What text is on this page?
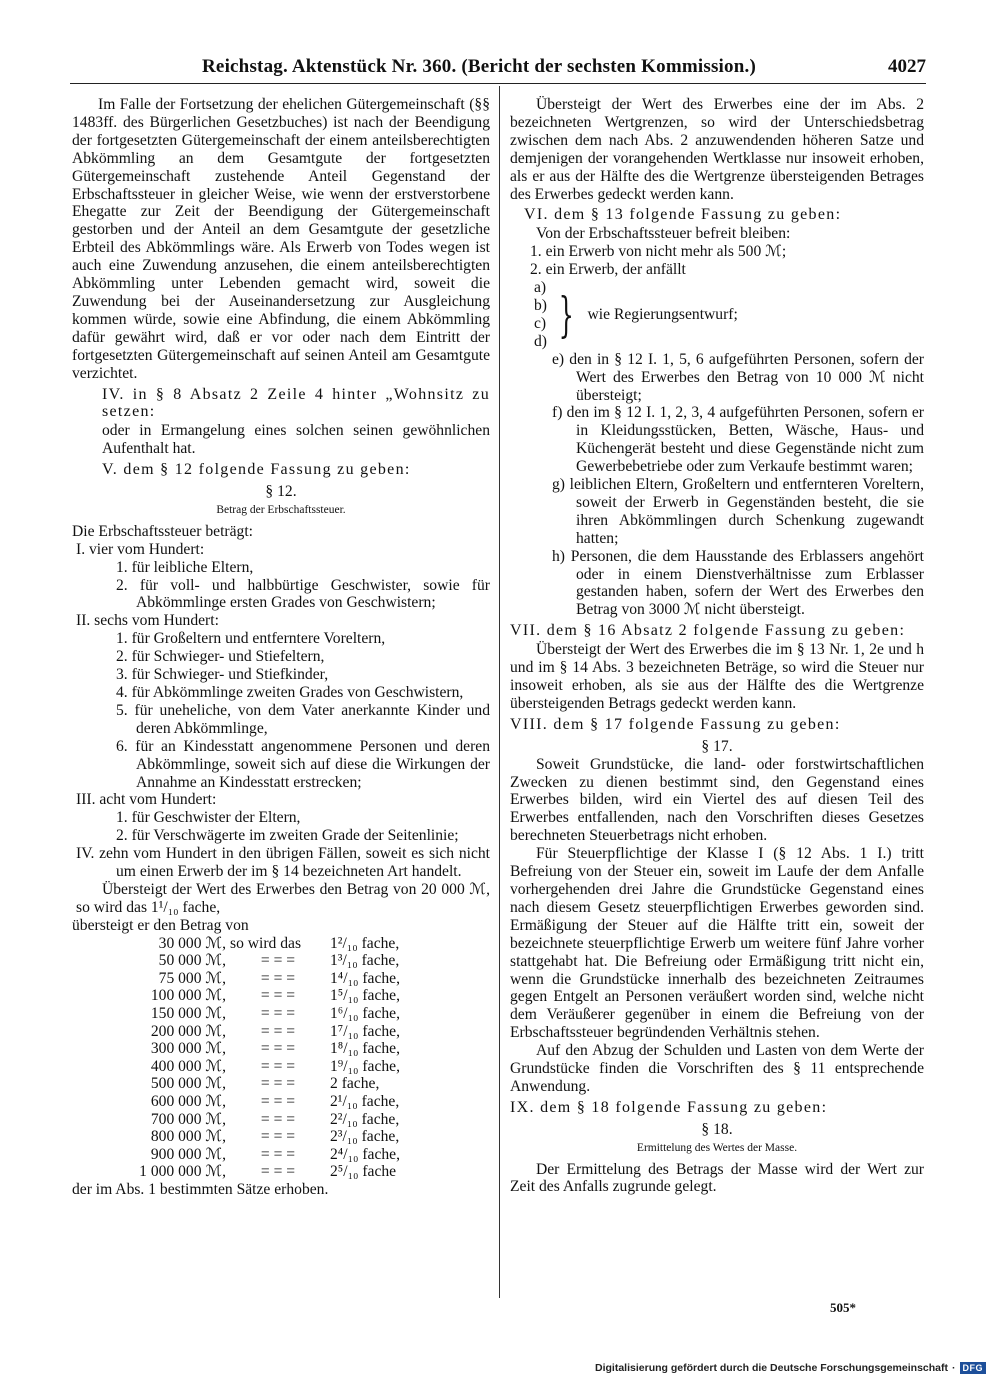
Reichstag. Aktenstück Nr. 360. (Bericht der sechsten Kommission.)	4027

Im Falle der Fortsetzung der ehelichen Gütergemeinschaft (§§ 1483ff. des Bürgerlichen Gesetzbuches) ist nach der Beendigung der fortgesetzten Gütergemeinschaft der einem anteilsberechtigten Abkömmling an dem Gesamtgute der fortgesetzten Gütergemeinschaft zustehende Anteil Gegenstand der Erbschaftssteuer in gleicher Weise, wie wenn der erstverstorbene Ehegatte zur Zeit der Beendigung der Gütergemeinschaft gestorben und der Anteil an dem Gesamtgute der gesetzliche Erbteil des Abkömmlings wäre. Als Erwerb von Todes wegen ist auch eine Zuwendung anzusehen, die einem anteilsberechtigten Abkömmling unter Lebenden gemacht wird, soweit die Zuwendung bei der Auseinandersetzung zur Ausgleichung kommen würde, sowie eine Abfindung, die einem Abkömmling dafür gewährt wird, daß er vor oder nach dem Eintritt der fortgesetzten Gütergemeinschaft auf seinen Anteil am Gesamtgute verzichtet.

IV. in § 8 Absatz 2 Zeile 4 hinter „Wohnsitz zu setzen:

oder in Ermangelung eines solchen seinen gewöhnlichen Aufenthalt hat.

V. dem § 12 folgende Fassung zu geben:

§ 12.

Betrag der Erbschaftssteuer.

Die Erbschaftssteuer beträgt:

I. vier vom Hundert:

1. für leibliche Eltern,

2. für voll- und halbbürtige Geschwister, sowie für Abkömmlinge ersten Grades von Geschwistern;

II. sechs vom Hundert:

1. für Großeltern und entferntere Voreltern,

2. für Schwieger- und Stiefeltern,

3. für Schwieger- und Stiefkinder,

4. für Abkömmlinge zweiten Grades von Geschwistern,

5. für uneheliche, von dem Vater anerkannte Kinder und deren Abkömmlinge,

6. für an Kindesstatt angenommene Personen und deren Abkömmlinge, soweit sich auf diese die Wirkungen der Annahme an Kindesstatt erstrecken;

III. acht vom Hundert:

1. für Geschwister der Eltern,

2. für Verschwägerte im zweiten Grade der Seitenlinie;

IV. zehn vom Hundert in den übrigen Fällen, soweit es sich nicht um einen Erwerb der im § 14 bezeichneten Art handelt.

Übersteigt der Wert des Erwerbes den Betrag von 20 000 ℳ, so wird das 1¹/₁₀ fache,

übersteigt er den Betrag von

30 000 ℳ,	so wird das	1²/₁₀ fache,
50 000 ℳ,	= = =	1³/₁₀ fache,
75 000 ℳ,	= = =	1⁴/₁₀ fache,
100 000 ℳ,	= = =	1⁵/₁₀ fache,
150 000 ℳ,	= = =	1⁶/₁₀ fache,
200 000 ℳ,	= = =	1⁷/₁₀ fache,
300 000 ℳ,	= = =	1⁸/₁₀ fache,
400 000 ℳ,	= = =	1⁹/₁₀ fache,
500 000 ℳ,	= = =	2 fache,
600 000 ℳ,	= = =	2¹/₁₀ fache,
700 000 ℳ,	= = =	2²/₁₀ fache,
800 000 ℳ,	= = =	2³/₁₀ fache,
900 000 ℳ,	= = =	2⁴/₁₀ fache,
1 000 000 ℳ,	= = =	2⁵/₁₀ fache

der im Abs. 1 bestimmten Sätze erhoben.

Übersteigt der Wert des Erwerbes eine der im Abs. 2 bezeichneten Wertgrenzen, so wird der Unterschiedsbetrag zwischen dem nach Abs. 2 anzuwendenden höheren Satze und demjenigen der vorangehenden Wertklasse nur insoweit erhoben, als er aus der Hälfte des die Wertgrenze übersteigenden Betrages des Erwerbes gedeckt werden kann.

VI. dem § 13 folgende Fassung zu geben:

Von der Erbschaftssteuer befreit bleiben:

1. ein Erwerb von nicht mehr als 500 ℳ;

2. ein Erwerb, der anfällt

a)
b)
c)
d) } wie Regierungsentwurf;

e) den in § 12 I. 1, 5, 6 aufgeführten Personen, sofern der Wert des Erwerbes den Betrag von 10 000 ℳ nicht übersteigt;

f) den im § 12 I. 1, 2, 3, 4 aufgeführten Personen, sofern er in Kleidungsstücken, Betten, Wäsche, Haus- und Küchengerät besteht und diese Gegenstände nicht zum Gewerbebetriebe oder zum Verkaufe bestimmt waren;

g) leiblichen Eltern, Großeltern und entfernteren Voreltern, soweit der Erwerb in Gegenständen besteht, die sie ihren Abkömmlingen durch Schenkung zugewandt hatten;

h) Personen, die dem Hausstande des Erblassers angehört oder in einem Dienstverhältnisse zum Erblasser gestanden haben, sofern der Wert des Erwerbes den Betrag von 3000 ℳ nicht übersteigt.

VII. dem § 16 Absatz 2 folgende Fassung zu geben:

Übersteigt der Wert des Erwerbes die im § 13 Nr. 1, 2e und h und im § 14 Abs. 3 bezeichneten Beträge, so wird die Steuer nur insoweit erhoben, als sie aus der Hälfte des die Wertgrenze übersteigenden Betrags gedeckt werden kann.

VIII. dem § 17 folgende Fassung zu geben:

§ 17.

Soweit Grundstücke, die land- oder forstwirtschaftlichen Zwecken zu dienen bestimmt sind, den Gegenstand eines Erwerbes bilden, wird ein Viertel des auf diesen Teil des Erwerbes entfallenden, nach den Vorschriften dieses Gesetzes berechneten Steuerbetrags nicht erhoben.

Für Steuerpflichtige der Klasse I (§ 12 Abs. 1 I.) tritt Befreiung von der Steuer ein, soweit im Laufe der dem Anfalle vorhergehenden drei Jahre die Grundstücke Gegenstand eines nach diesem Gesetz steuerpflichtigen Erwerbes geworden sind. Ermäßigung der Steuer auf die Hälfte tritt ein, soweit der bezeichnete steuerpflichtige Erwerb um weitere fünf Jahre vorher stattgehabt hat. Die Befreiung oder Ermäßigung tritt nicht ein, wenn die Grundstücke innerhalb des bezeichneten Zeitraumes gegen Entgelt an Personen veräußert worden sind, welche nicht dem Veräußerer gegenüber in einem die Befreiung von der Erbschaftssteuer begründenden Verhältnis stehen.

Auf den Abzug der Schulden und Lasten von dem Werte der Grundstücke finden die Vorschriften des § 11 entsprechende Anwendung.

IX. dem § 18 folgende Fassung zu geben:

§ 18.

Ermittelung des Wertes der Masse.

Der Ermittelung des Betrags der Masse wird der Wert zur Zeit des Anfalls zugrunde gelegt.

505*
Digitalisierung gefördert durch die Deutsche Forschungsgemeinschaft · DFG
